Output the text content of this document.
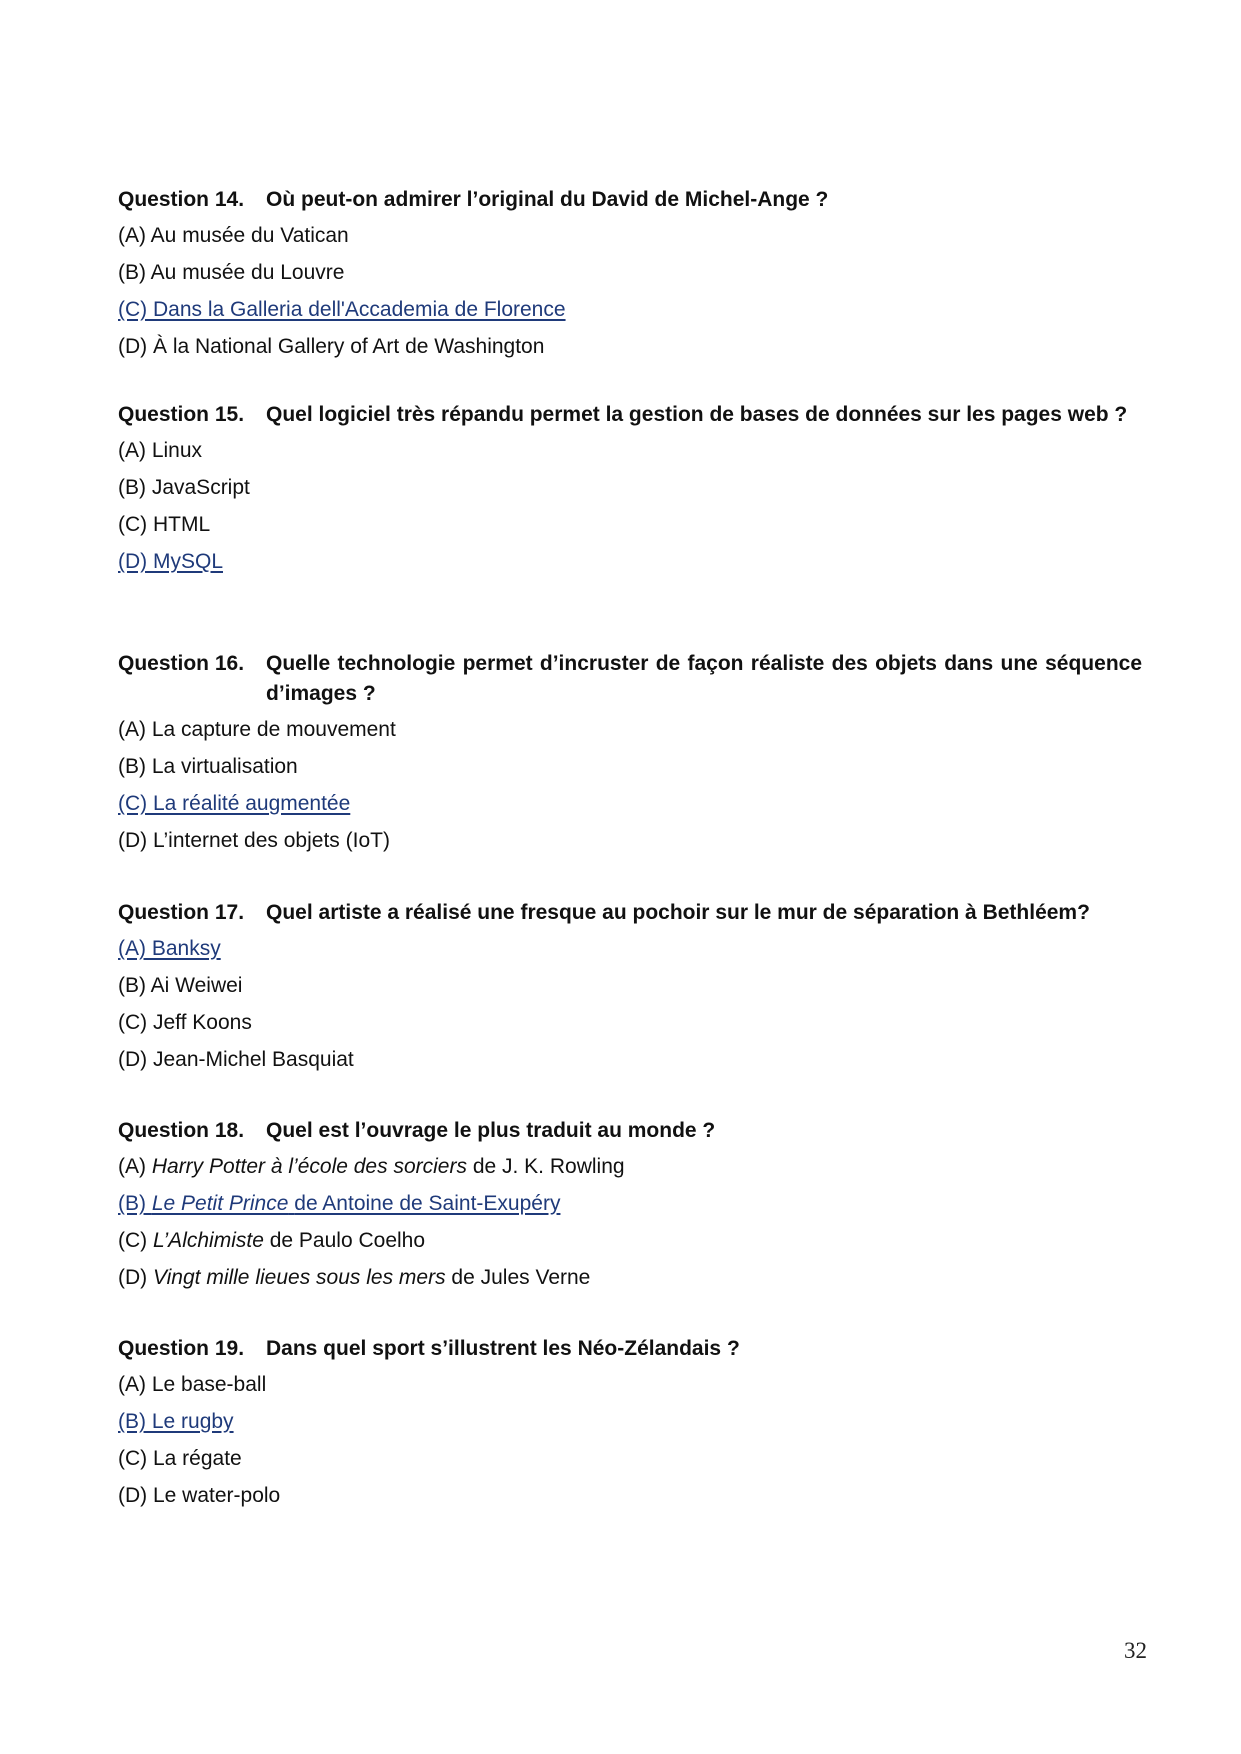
Question 14.	Où peut-on admirer l’original du David de Michel-Ange ?
(A) Au musée du Vatican
(B) Au musée du Louvre
(C) Dans la Galleria dell'Accademia de Florence
(D) À la National Gallery of Art de Washington
Question 15.	Quel logiciel très répandu permet la gestion de bases de données sur les pages web ?
(A) Linux
(B) JavaScript
(C) HTML
(D) MySQL
Question 16.	Quelle technologie permet d’incruster de façon réaliste des objets dans une séquence d’images ?
(A) La capture de mouvement
(B) La virtualisation
(C) La réalité augmentée
(D) L’internet des objets (IoT)
Question 17.	Quel artiste a réalisé une fresque au pochoir sur le mur de séparation à Bethléem?
(A) Banksy
(B) Ai Weiwei
(C) Jeff Koons
(D) Jean-Michel Basquiat
Question 18.	Quel est l’ouvrage le plus traduit au monde ?
(A) Harry Potter à l’école des sorciers de J. K. Rowling
(B) Le Petit Prince de Antoine de Saint-Exupéry
(C) L’Alchimiste de Paulo Coelho
(D) Vingt mille lieues sous les mers de Jules Verne
Question 19.	Dans quel sport s’illustrent les Néo-Zélandais ?
(A) Le base-ball
(B) Le rugby
(C) La régate
(D) Le water-polo
32
